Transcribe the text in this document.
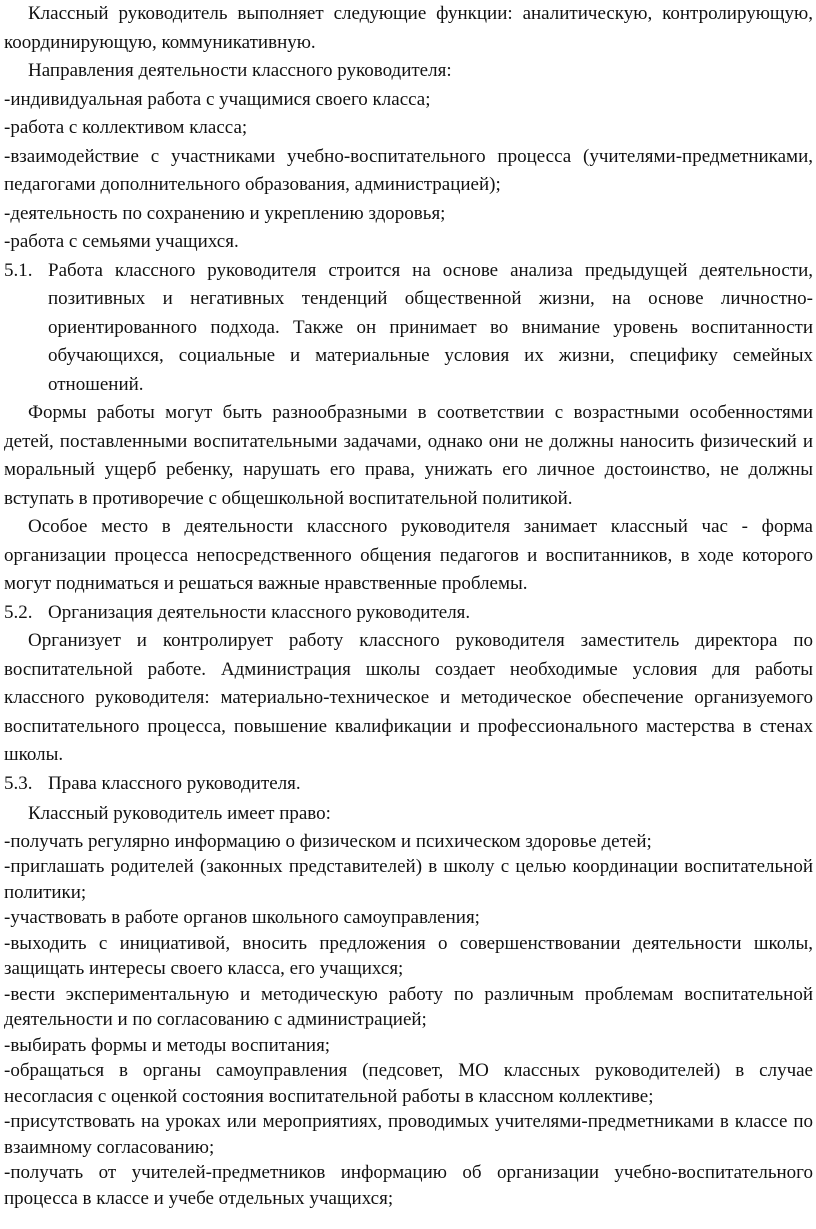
Классный руководитель выполняет следующие функции: аналитическую, контролирующую, координирующую, коммуникативную.

Направления деятельности классного руководителя:

-индивидуальная работа с учащимися своего класса;

-работа с коллективом класса;

-взаимодействие с участниками учебно-воспитательного процесса (учителями-предметниками, педагогами дополнительного образования, администрацией);

-деятельность по сохранению и укреплению здоровья;

-работа с семьями учащихся.

5.1. Работа классного руководителя строится на основе анализа предыдущей деятельности, позитивных и негативных тенденций общественной жизни, на основе личностно- ориентированного подхода. Также он принимает во внимание уровень воспитанности обучающихся, социальные и материальные условия их жизни, специфику семейных отношений.

Формы работы могут быть разнообразными в соответствии с возрастными особенностями детей, поставленными воспитательными задачами, однако они не должны наносить физический и моральный ущерб ребенку, нарушать его права, унижать его личное достоинство, не должны вступать в противоречие с общешкольной воспитательной политикой.

Особое место в деятельности классного руководителя занимает классный час - форма организации процесса непосредственного общения педагогов и воспитанников, в ходе которого могут подниматься и решаться важные нравственные проблемы.

5.2. Организация деятельности классного руководителя.

Организует и контролирует работу классного руководителя заместитель директора по воспитательной работе. Администрация школы создает необходимые условия для работы классного руководителя: материально-техническое и методическое обеспечение организуемого воспитательного процесса, повышение квалификации и профессионального мастерства в стенах школы.

5.3. Права классного руководителя.

Классный руководитель имеет право:

-получать регулярно информацию о физическом и психическом здоровье детей;

-приглашать родителей (законных представителей) в школу с целью координации воспитательной политики;

-участвовать в работе органов школьного самоуправления;

-выходить с инициативой, вносить предложения о совершенствовании деятельности школы, защищать интересы своего класса, его учащихся;

-вести экспериментальную и методическую работу по различным проблемам воспитательной деятельности и по согласованию с администрацией;

-выбирать формы и методы воспитания;

-обращаться в органы самоуправления (педсовет, МО классных руководителей) в случае несогласия с оценкой состояния воспитательной работы в классном коллективе;

-присутствовать на уроках или мероприятиях, проводимых учителями-предметниками в классе по взаимному согласованию;

-получать от учителей-предметников информацию об организации учебно-воспитательного процесса в классе и учебе отдельных учащихся;
